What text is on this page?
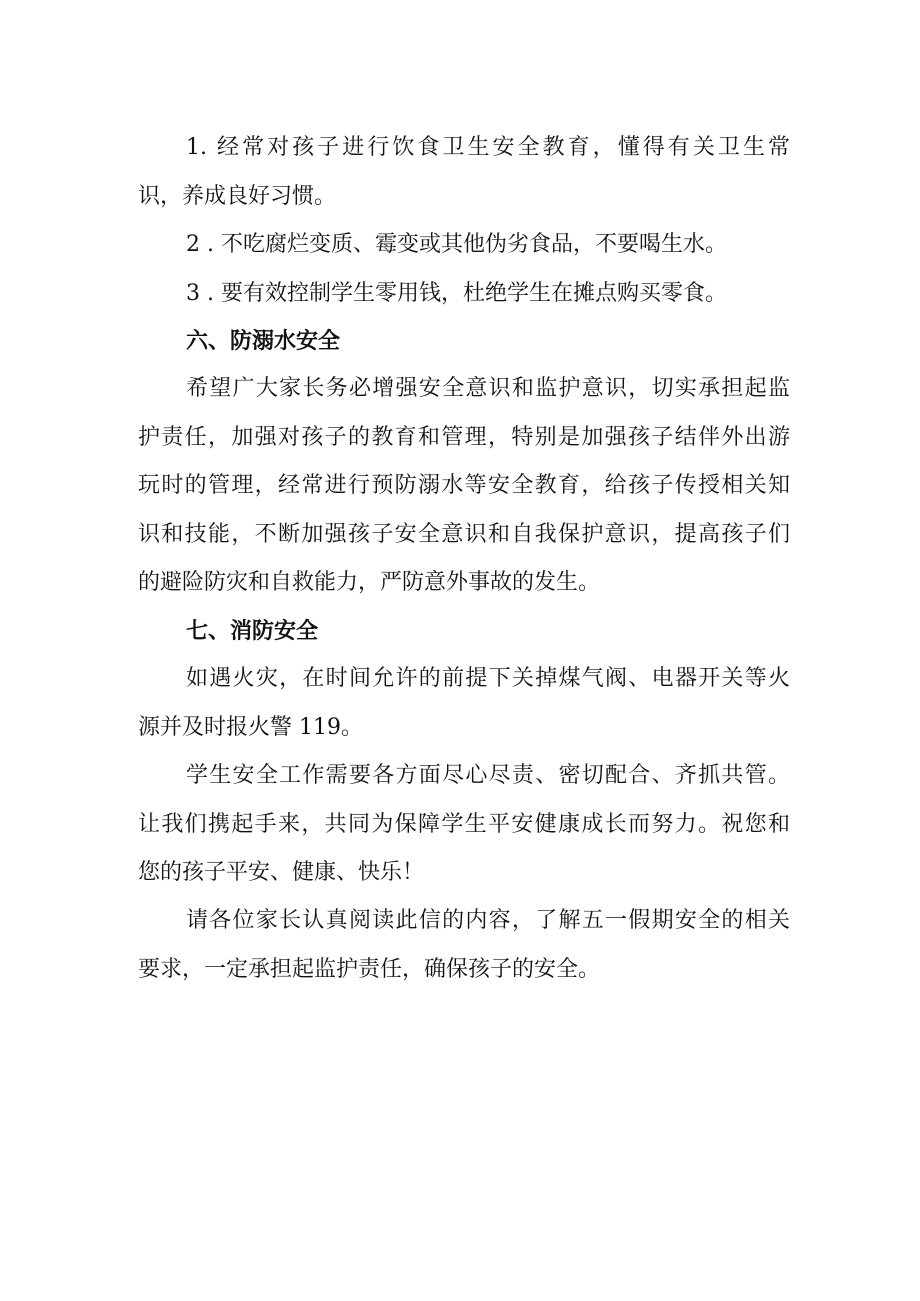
1. 经常对孩子进行饮食卫生安全教育，懂得有关卫生常
识，养成良好习惯。
2 . 不吃腐烂变质、霉变或其他伪劣食品，不要喝生水。
3 . 要有效控制学生零用钱，杜绝学生在摊点购买零食。
六、防溺水安全
希望广大家长务必增强安全意识和监护意识，切实承担起监
护责任，加强对孩子的教育和管理，特别是加强孩子结伴外出游
玩时的管理，经常进行预防溺水等安全教育，给孩子传授相关知
识和技能，不断加强孩子安全意识和自我保护意识，提高孩子们
的避险防灾和自救能力，严防意外事故的发生。
七、消防安全
如遇火灾，在时间允许的前提下关掉煤气阀、电器开关等火
源并及时报火警 119。
学生安全工作需要各方面尽心尽责、密切配合、齐抓共管。
让我们携起手来，共同为保障学生平安健康成长而努力。祝您和
您的孩子平安、健康、快乐！
请各位家长认真阅读此信的内容，了解五一假期安全的相关
要求，一定承担起监护责任，确保孩子的安全。
